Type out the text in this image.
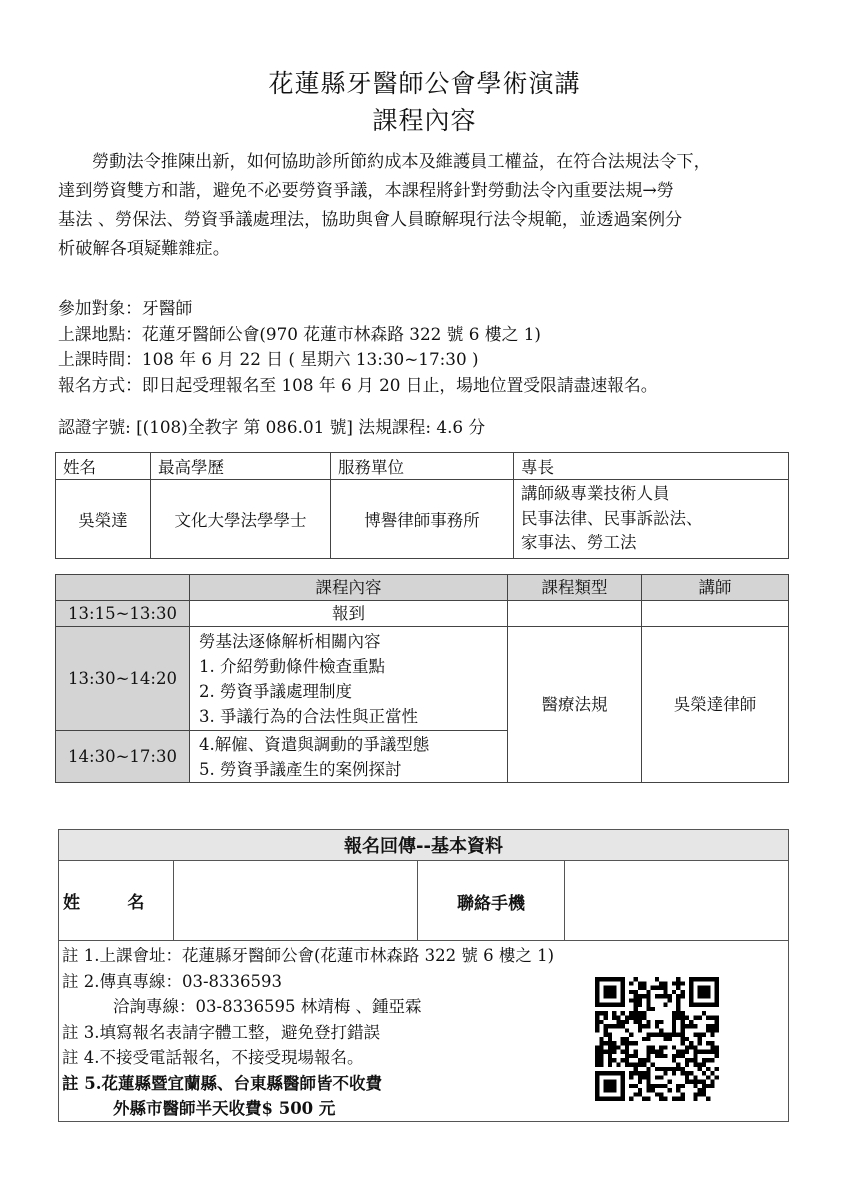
花蓮縣牙醫師公會學術演講
課程內容

勞動法令推陳出新，如何協助診所節約成本及維護員工權益，在符合法規法令下，

達到勞資雙方和諧，避免不必要勞資爭議，本課程將針對勞動法令內重要法規→勞

基法 、勞保法、勞資爭議處理法，協助與會人員瞭解現行法令規範，並透過案例分

析破解各項疑難雜症。

參加對象：牙醫師
上課地點：花蓮牙醫師公會(970 花蓮市林森路 322 號 6 樓之 1)
上課時間：108 年 6 月 22 日 ( 星期六 13:30~17:30 )
報名方式：即日起受理報名至 108 年 6 月 20 日止，場地位置受限請盡速報名。
認證字號: [(108)全教字 第 086.01 號] 法規課程: 4.6 分
姓名	最高學歷	服務單位	專長
吳榮達	文化大學法學學士	博譽律師事務所	講師級專業技術人員
民事法律、民事訴訟法、
家事法、勞工法
	課程內容	課程類型	講師
13:15~13:30	報到		
13:30~14:20	勞基法逐條解析相關內容
1. 介紹勞動條件檢查重點
2. 勞資爭議處理制度
3. 爭議行為的合法性與正當性	醫療法規	吳榮達律師
14:30~17:30	4.解僱、資遣與調動的爭議型態
5. 勞資爭議產生的案例探討		
報名回傳--基本資料
姓        名		聯絡手機	

註 1.上課會址：花蓮縣牙醫師公會(花蓮市林森路 322 號 6 樓之 1)
註 2.傳真專線：03-8336593
洽詢專線：03-8336595 林靖梅 、鍾亞霖
註 3.填寫報名表請字體工整，避免登打錯誤
註 4.不接受電話報名，不接受現場報名。
註 5.花蓮縣暨宜蘭縣、台東縣醫師皆不收費
外縣市醫師半天收費$ 500 元
